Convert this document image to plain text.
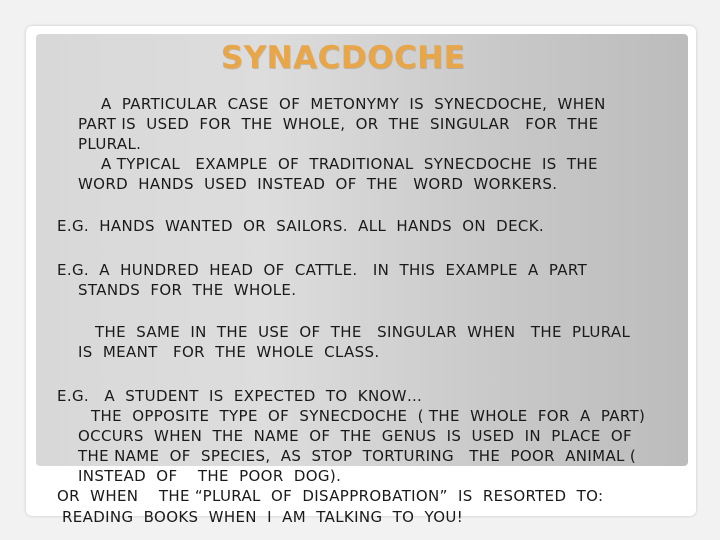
SYNACDOCHE

A  PARTICULAR  CASE  OF  METONYMY  IS  SYNECDOCHE,  WHEN

PART IS  USED  FOR  THE  WHOLE,  OR  THE  SINGULAR   FOR  THE

PLURAL.

A TYPICAL   EXAMPLE  OF  TRADITIONAL  SYNECDOCHE  IS  THE

WORD  HANDS  USED  INSTEAD  OF  THE   WORD  WORKERS.

E.G.  HANDS  WANTED  OR  SAILORS.  ALL  HANDS  ON  DECK.

E.G.  A  HUNDRED  HEAD  OF  CATTLE.   IN  THIS  EXAMPLE  A  PART

STANDS  FOR  THE  WHOLE.

THE  SAME  IN  THE  USE  OF  THE   SINGULAR  WHEN   THE  PLURAL

IS  MEANT   FOR  THE  WHOLE  CLASS.

E.G.   A  STUDENT  IS  EXPECTED  TO  KNOW…

THE  OPPOSITE  TYPE  OF  SYNECDOCHE  ( THE  WHOLE  FOR  A  PART)

OCCURS  WHEN  THE  NAME  OF  THE  GENUS  IS  USED  IN  PLACE  OF

THE NAME  OF  SPECIES,  AS  STOP  TORTURING   THE  POOR  ANIMAL (

INSTEAD  OF    THE  POOR  DOG).

OR  WHEN    THE “PLURAL  OF  DISAPPROBATION”  IS  RESORTED  TO:

READING  BOOKS  WHEN  I  AM  TALKING  TO  YOU!
